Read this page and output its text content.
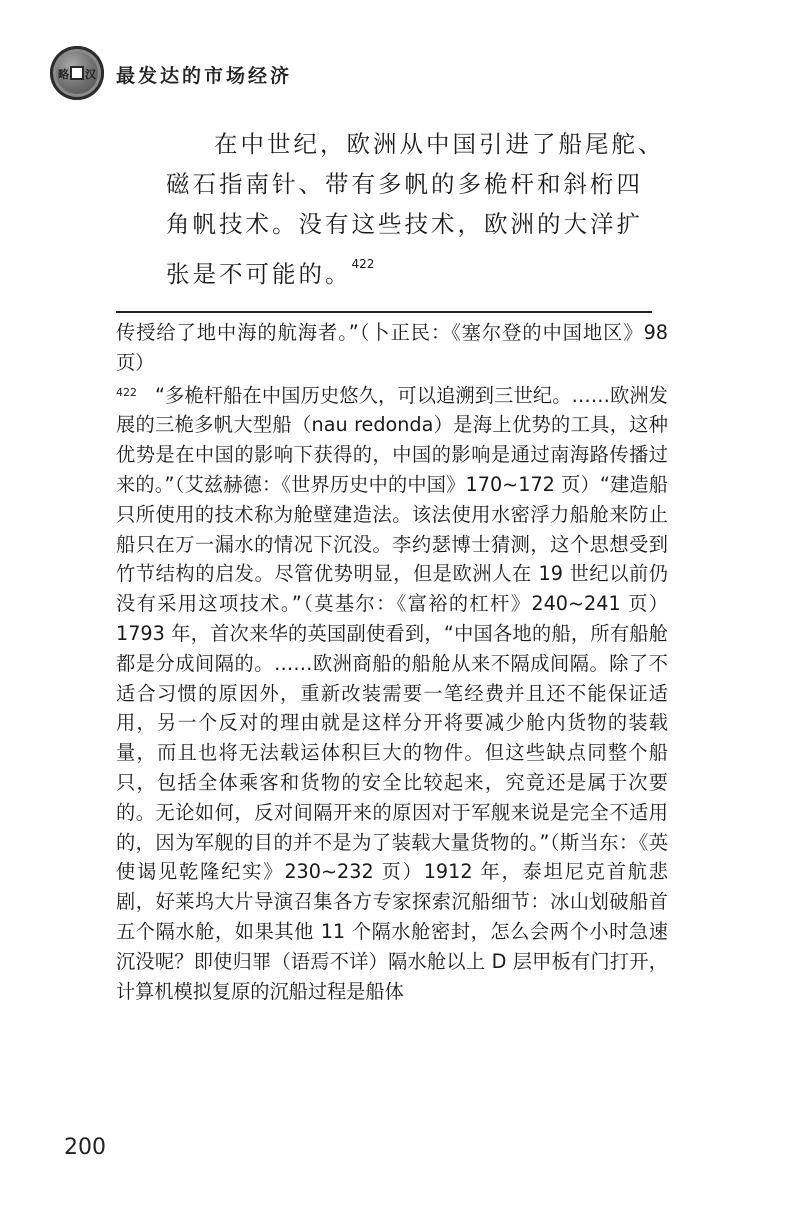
略 汉 最发达的市场经济

在中世纪，欧洲从中国引进了船尾舵、磁石指南针、带有多帆的多桅杆和斜桁四角帆技术。没有这些技术，欧洲的大洋扩张是不可能的。$^{422}$

传授给了地中海的航海者。”（卜正民：《塞尔登的中国地区》98 页）

$^{422}$ “多桅杆船在中国历史悠久，可以追溯到三世纪。……欧洲发展的三桅多帆大型船（nau redonda）是海上优势的工具，这种优势是在中国的影响下获得的，中国的影响是通过南海路传播过来的。”（艾兹赫德：《世界历史中的中国》170~172 页）“建造船只所使用的技术称为舱壁建造法。该法使用水密浮力船舱来防止船只在万一漏水的情况下沉没。李约瑟博士猜测，这个思想受到竹节结构的启发。尽管优势明显，但是欧洲人在 19 世纪以前仍没有采用这项技术。”（莫基尔：《富裕的杠杆》240~241 页）1793 年，首次来华的英国副使看到，“中国各地的船，所有船舱都是分成间隔的。……欧洲商船的船舱从来不隔成间隔。除了不适合习惯的原因外，重新改装需要一笔经费并且还不能保证适用，另一个反对的理由就是这样分开将要减少舱内货物的装载量，而且也将无法载运体积巨大的物件。但这些缺点同整个船只，包括全体乘客和货物的安全比较起来，究竟还是属于次要的。无论如何，反对间隔开来的原因对于军舰来说是完全不适用的，因为军舰的目的并不是为了装载大量货物的。”（斯当东：《英使谒见乾隆纪实》230~232 页）1912 年，泰坦尼克首航悲剧，好莱坞大片导演召集各方专家探索沉船细节：冰山划破船首五个隔水舱，如果其他 11 个隔水舱密封，怎么会两个小时急速沉没呢？即使归罪（语焉不详）隔水舱以上 D 层甲板有门打开，计算机模拟复原的沉船过程是船体

200
